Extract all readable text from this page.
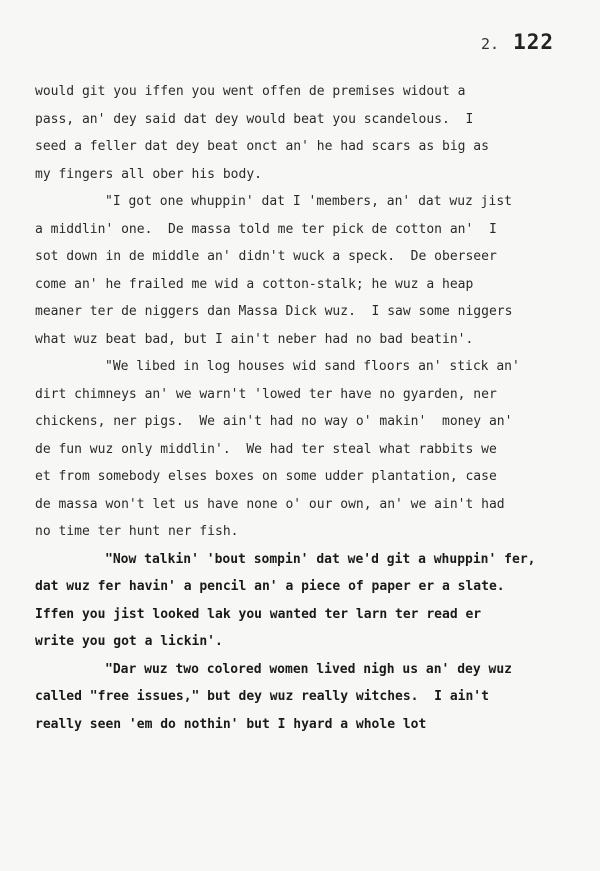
2. 122
would git you iffen you went offen de premises widout a
pass, an' dey said dat dey would beat you scandelous.  I
seed a feller dat dey beat onct an' he had scars as big as
my fingers all ober his body.
"I got one whuppin' dat I 'members, an' dat wuz jist
a middlin' one.  De massa told me ter pick de cotton an'  I
sot down in de middle an' didn't wuck a speck.  De oberseer
come an' he frailed me wid a cotton-stalk; he wuz a heap
meaner ter de niggers dan Massa Dick wuz.  I saw some niggers
what wuz beat bad, but I ain't neber had no bad beatin'.
"We libed in log houses wid sand floors an' stick an'
dirt chimneys an' we warn't 'lowed ter have no gyarden, ner
chickens, ner pigs.  We ain't had no way o' makin'  money an'
de fun wuz only middlin'.  We had ter steal what rabbits we
et from somebody elses boxes on some udder plantation, case
de massa won't let us have none o' our own, an' we ain't had
no time ter hunt ner fish.
"Now talkin' 'bout sompin' dat we'd git a whuppin' fer,
dat wuz fer havin' a pencil an' a piece of paper er a slate.
Iffen you jist looked lak you wanted ter larn ter read er
write you got a lickin'.
"Dar wuz two colored women lived nigh us an' dey wuz
called "free issues," but dey wuz really witches.  I ain't
really seen 'em do nothin' but I hyard a whole lot
